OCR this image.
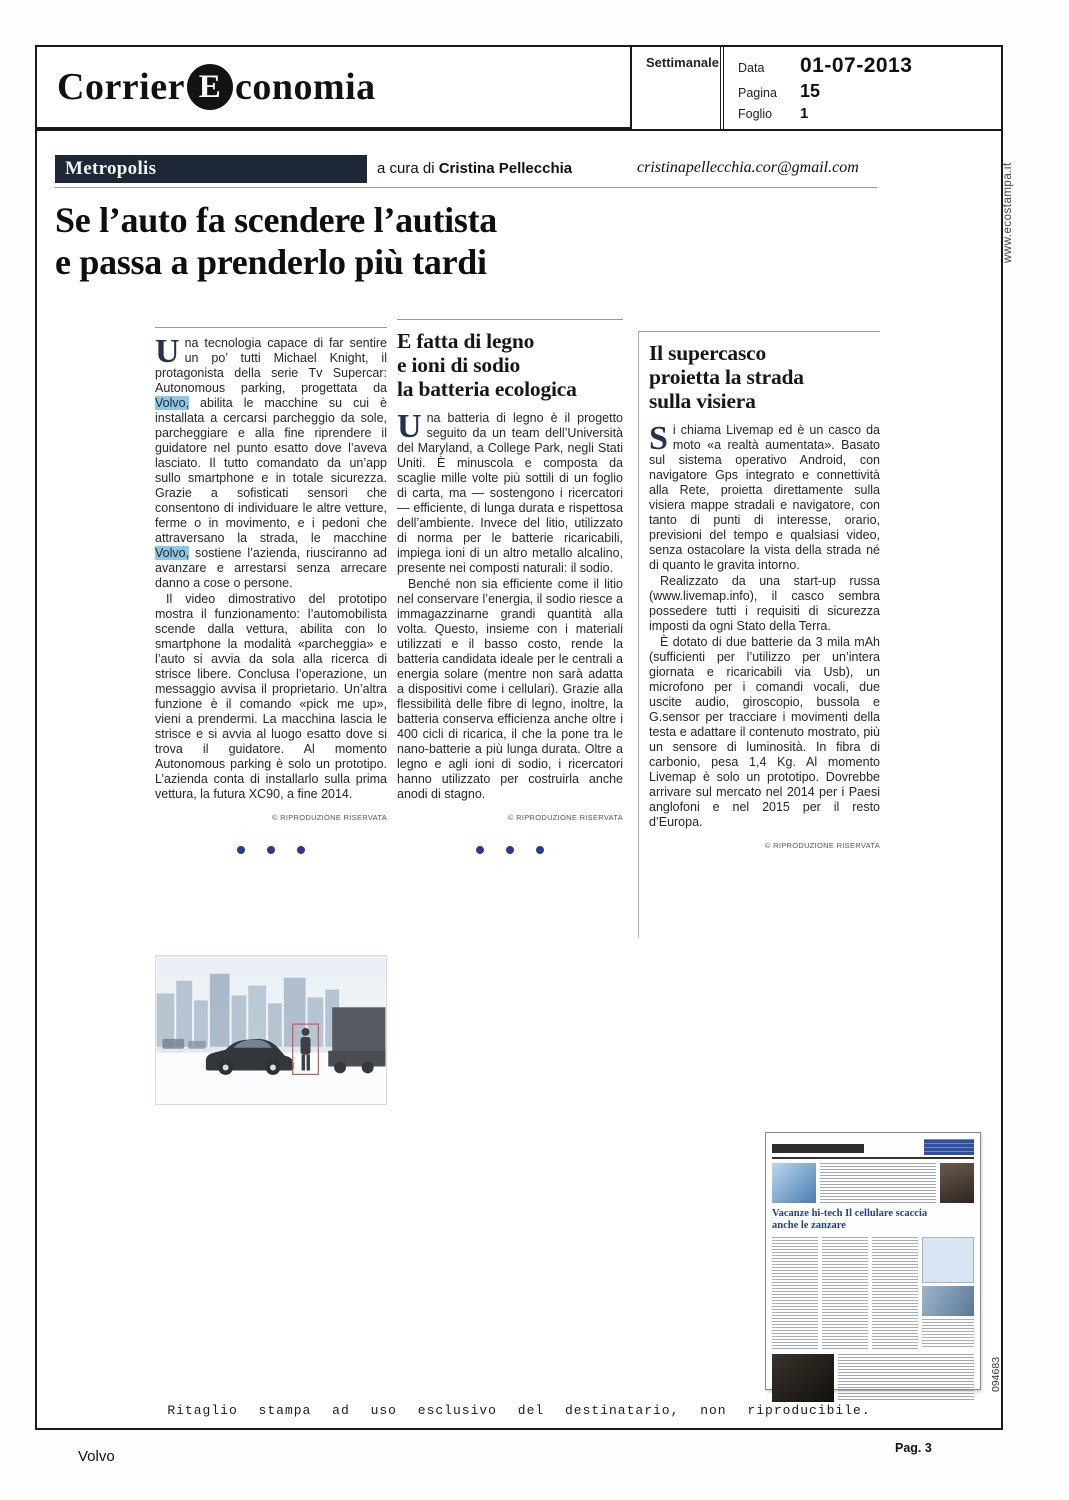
Corrier E conomia
Settimanale Data	01-07-2013
Pagina	15
Foglio	1
Metropolis	a cura di Cristina Pellecchia	cristinapellecchia.cor@gmail.com
Se l’auto fa scendere l’autista
e passa a prenderlo più tardi

Una tecnologia capace di far sentire un po’ tutti Michael Knight, il protagonista della serie Tv Supercar: Autonomous parking, progettata da Volvo, abilita le macchine su cui è installata a cercarsi parcheggio da sole, parcheggiare e alla fine riprendere il guidatore nel punto esatto dove l’aveva lasciato. Il tutto comandato da un’app sullo smartphone e in totale sicurezza. Grazie a sofisticati sensori che consentono di individuare le altre vetture, ferme o in movimento, e i pedoni che attraversano la strada, le macchine Volvo, sostiene l’azienda, riusciranno ad avanzare e arrestarsi senza arrecare danno a cose o persone.

Il video dimostrativo del prototipo mostra il funzionamento: l’automobilista scende dalla vettura, abilita con lo smartphone la modalità «parcheggia» e l’auto si avvia da sola alla ricerca di strisce libere. Conclusa l’operazione, un messaggio avvisa il proprietario. Un’altra funzione è il comando «pick me up», vieni a prendermi. La macchina lascia le strisce e si avvia al luogo esatto dove si trova il guidatore. Al momento Autonomous parking è solo un prototipo. L’azienda conta di installarlo sulla prima vettura, la futura XC90, a fine 2014.

© RIPRODUZIONE RISERVATA
E fatta di legno
e ioni di sodio
la batteria ecologica

Una batteria di legno è il progetto seguito da un team dell’Università del Maryland, a College Park, negli Stati Uniti. È minuscola e composta da scaglie mille volte più sottili di un foglio di carta, ma — sostengono i ricercatori — efficiente, di lunga durata e rispettosa dell’ambiente. Invece del litio, utilizzato di norma per le batterie ricaricabili, impiega ioni di un altro metallo alcalino, presente nei composti naturali: il sodio.

Benché non sia efficiente come il litio nel conservare l’energia, il sodio riesce a immagazzinarne grandi quantità alla volta. Questo, insieme con i materiali utilizzati e il basso costo, rende la batteria candidata ideale per le centrali a energia solare (mentre non sarà adatta a dispositivi come i cellulari). Grazie alla flessibilità delle fibre di legno, inoltre, la batteria conserva efficienza anche oltre i 400 cicli di ricarica, il che la pone tra le nano-batterie a più lunga durata. Oltre a legno e agli ioni di sodio, i ricercatori hanno utilizzato per costruirla anche anodi di stagno.

© RIPRODUZIONE RISERVATA
Il supercasco
proietta la strada
sulla visiera

Si chiama Livemap ed è un casco da moto «a realtà aumentata». Basato sul sistema operativo Android, con navigatore Gps integrato e connettività alla Rete, proietta direttamente sulla visiera mappe stradali e navigatore, con tanto di punti di interesse, orario, previsioni del tempo e qualsiasi video, senza ostacolare la vista della strada né di quanto le gravita intorno.

Realizzato da una start-up russa (www.livemap.info), il casco sembra possedere tutti i requisiti di sicurezza imposti da ogni Stato della Terra.

È dotato di due batterie da 3 mila mAh (sufficienti per l’utilizzo per un’intera giornata e ricaricabili via Usb), un microfono per i comandi vocali, due uscite audio, giroscopio, bussola e G.sensor per tracciare i movimenti della testa e adattare il contenuto mostrato, più un sensore di luminosità. In fibra di carbonio, pesa 1,4 Kg. Al momento Livemap è solo un prototipo. Dovrebbe arrivare sul mercato nel 2014 per i Paesi anglofoni e nel 2015 per il resto d’Europa.

© RIPRODUZIONE RISERVATA
Vacanze hi-tech Il cellulare scaccia anche le zanzare
Ritaglio stampa ad uso esclusivo del destinatario, non riproducibile.
www.ecostampa.it
094683
Volvo	Pag. 3
